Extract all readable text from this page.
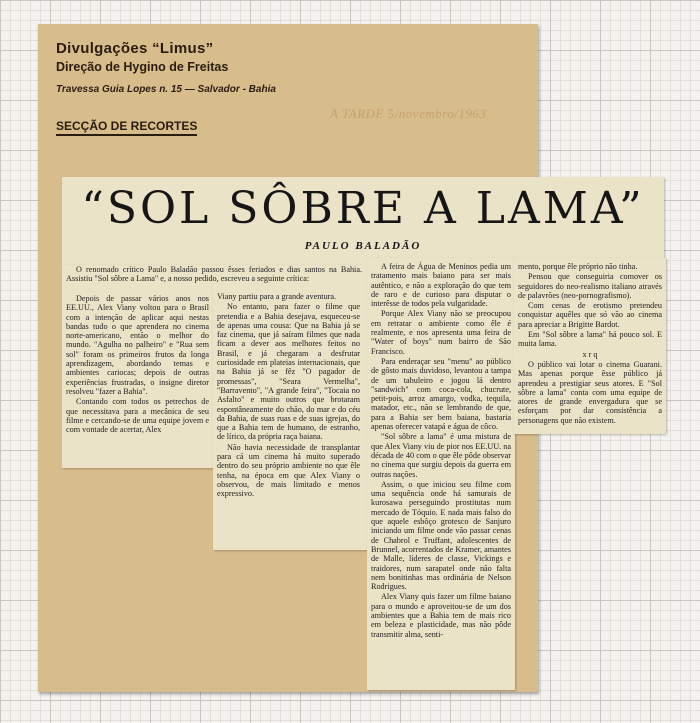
Divulgações “Limus”
Direção de Hygino de Freitas
Travessa Guia Lopes n. 15 — Salvador - Bahia
SECÇÃO DE RECORTES
A TARDE 5/novembro/1963
“SOL SÔBRE A LAMA”
PAULO BALADÃO

O renomado crítico Paulo Baladão passou êsses feriados e dias santos na Bahia. Assistiu "Sol sôbre a Lama" e, a nosso pedido, escreveu a seguinte crítica:

Depois de passar vários anos nos EE.UU., Alex Viany voltou para o Brasil com a intenção de aplicar aqui nestas bandas tudo o que aprendera no cinema norte-americano, então o melhor do mundo. "Agulha no palheiro" e "Rua sem sol" foram os primeiros frutos da longa aprendizagem, abordando temas e ambientes cariocas; depois de outras experiências frustradas, o insigne diretor resolveu "fazer a Bahia".

Contando com todos os petrechos de que necessitava para a mecânica de seu filme e cercando-se de uma equipe jovem e com vontade de acertar, Alex

Viany partiu para a grande aventura.

No entanto, para fazer o filme que pretendia e a Bahia desejava, esqueceu-se de apenas uma cousa: Que na Bahia já se faz cinema, que já saíram filmes que nada ficam a dever aos melhores feitos no Brasil, e já chegaram a desfrutar curiosidade em plateias internacionais, que na Bahia já se fêz "O pagador de promessas", "Seara Vermelha", "Barravento", "A grande feira", "Tocaia no Asfalto" e muito outros que brotaram espontâneamente do chão, do mar e do céu da Bahia, de suas ruas e de suas igrejas, do que a Bahia tem de humano, de estranho, de lírico, da própria raça baiana.

Não havia necessidade de transplantar para cá um cinema há muito superado dentro do seu próprio ambiente no que êle tenha, na época em que Alex Viany o observou, de mais limitado e menos expressivo.

A feira de Água de Meninos pedia um tratamento mais baiano para ser mais autêntico, e não a exploração do que tem de raro e de curioso para disputar o interêsse de todos pela vulgaridade.

Porque Alex Viany não se preocupou em retratar o ambiente como êle é realmente, e nos apresenta uma feira de "Water of boys" num bairro de São Francisco.

Para enderaçar seu "menu" ao público de gôsto mais duvidoso, levantou a tampa de um tabuleiro e jogou lá dentro "sandwich" com coca-cola, chucrute, petit-pois, arroz amargo, vodka, tequila, matador, etc., não se lembrando de que, para a Bahia ser bem baiana, bastaria apenas oferecer vatapá e água de côco.

"Sol sôbre a lama" é uma mistura de que Alex Viany viu de pior nos EE.UU. na década de 40 com o que êle pôde observar no cinema que surgiu depois da guerra em outras nações.

Assim, o que iniciou seu filme com uma sequência onde há samurais de kurosawa perseguindo prostitutas num mercado de Tóquio. E nada mais falso do que aquele esbôço grotesco de Sanjuro iniciando um filme onde vão passar cenas de Chabrol e Truffant, adolescentes de Brunnel, acorrentados de Kramer, amantes de Malle, líderes de classe, Vickings e traidores, num sarapatel onde não falta nem bonitinhas mas ordinária de Nelson Rodrigues.

Alex Viany quis fazer um filme baiano para o mundo e aproveitou-se de um dos ambientes que a Bahia tem de mais rico em beleza e plasticidade, mas não pôde transmitir alma, senti-

mento, porque êle próprio não tinha.

Pensou que conseguiria comover os seguidores do neo-realismo italiano através de palavrões (neo-pornografismo).

Com cenas de erotismo pretendeu conquistar aquêles que só vão ao cinema para apreciar a Brigitte Bardot.

Em "Sol sôbre a lama" há pouco sol. E muita lama.

x r q

O público vai lotar o cinema Guarani. Mas apenas porque êsse público já aprendeu a prestigiar seus atores. E "Sol sôbre a lama" conta com uma equipe de atores de grande envergadura que se esforçam por dar consistência a personagens que não existem.
